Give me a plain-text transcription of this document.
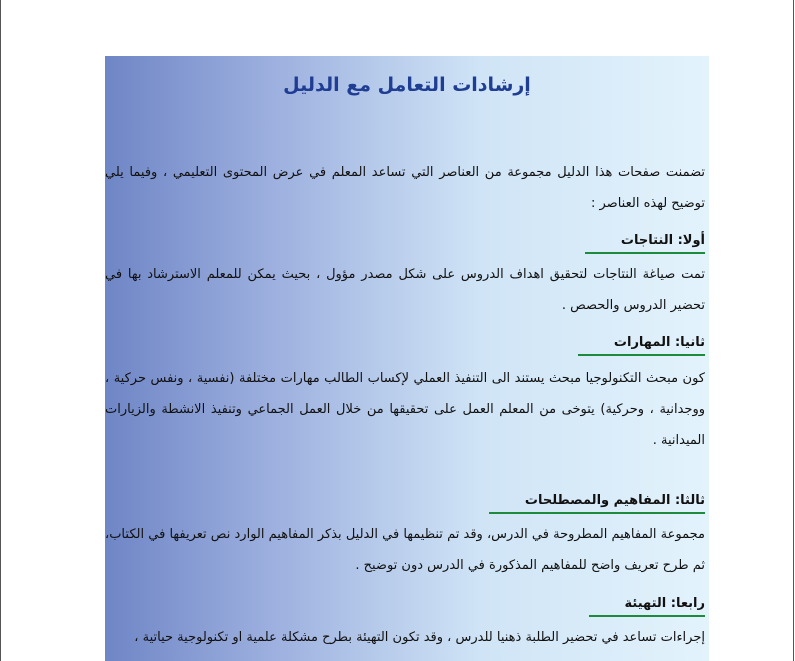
إرشادات التعامل مع الدليل

تضمنت صفحات هذا الدليل مجموعة من العناصر التي تساعد المعلم في عرض المحتوى التعليمي ، وفيما يلي توضيح لهذه العناصر :

أولا: النتاجات

تمت صياغة النتاجات لتحقيق اهداف الدروس على شكل مصدر مؤول ، بحيث يمكن للمعلم الاسترشاد بها في تحضير الدروس والحصص .

ثانيا: المهارات

كون مبحث التكنولوجيا مبحث يستند الى التنفيذ العملي لإكساب الطالب مهارات مختلفة (نفسية ، ونفس حركية ، ووجدانية ، وحركية) يتوخى من المعلم العمل على تحقيقها من خلال العمل الجماعي وتنفيذ الانشطة والزيارات الميدانية .

ثالثا: المفاهيم والمصطلحات

مجموعة المفاهيم المطروحة في الدرس، وقد تم تنظيمها في الدليل بذكر المفاهيم الوارد نص تعريفها في الكتاب، ثم طرح تعريف واضح للمفاهيم المذكورة في الدرس دون توضيح .

رابعا: التهيئة

إجراءات تساعد في تحضير الطلبة ذهنيا للدرس ، وقد تكون التهيئة بطرح مشكلة علمية او تكنولوجية حياتية ،
